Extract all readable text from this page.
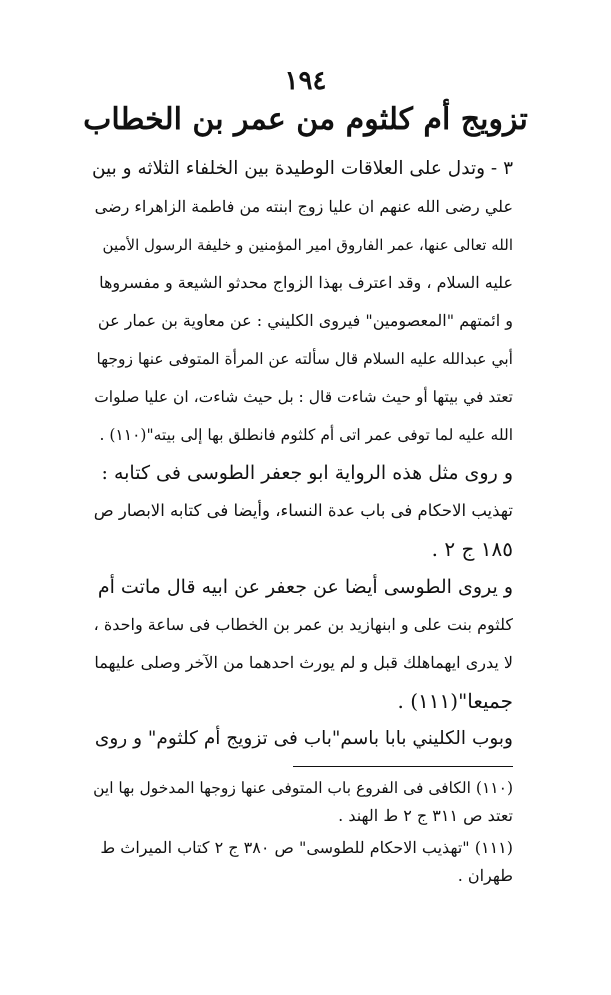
١٩٤
تزويج أم كلثوم من عمر بن الخطاب
٣ - وتدل على العلاقات الوطيدة بين الخلفاء الثلاثه و بين
علي رضى الله عنهم ان عليا زوج ابنته من فاطمة الزاهراء رضى
الله تعالى عنها، عمر الفاروق امير المؤمنين و خليفة الرسول الأمين
عليه السلام ، وقد اعترف بهذا الزواج محدثو الشيعة و مفسروها
و ائمتهم "المعصومين" فيروى الكليني : عن معاوية بن عمار عن
أبي عبدالله عليه السلام قال سألته عن المرأة المتوفى عنها زوجها
تعتد في بيتها أو حيث شاءت قال : بل حيث شاءت، ان عليا صلوات
الله عليه لما توفى عمر اتى أم كلثوم فانطلق بها إلى بيته"(١١٠) .
و روى مثل هذه الرواية ابو جعفر الطوسى فى كتابه :
تهذيب الاحكام فى باب عدة النساء، وأيضا فى كتابه الابصار ص
١٨٥ ج ٢ .
و يروى الطوسى أيضا عن جعفر عن ابيه قال ماتت أم
كلثوم بنت على و ابنهازيد بن عمر بن الخطاب فى ساعة واحدة ،
لا يدرى ايهماهلك قبل و لم يورث احدهما من الآخر وصلى عليهما
جميعا"(١١١) .
وبوب الكليني بابا باسم"باب فى تزويج أم كلثوم" و روى
(١١٠) الكافى فى الفروع باب المتوفى عنها زوجها المدخول بها اين
تعتد ص ٣١١ ج ٢ ط الهند .
(١١١) "تهذيب الاحكام للطوسى" ص ٣٨٠ ج ٢ كتاب الميراث ط
طهران .
